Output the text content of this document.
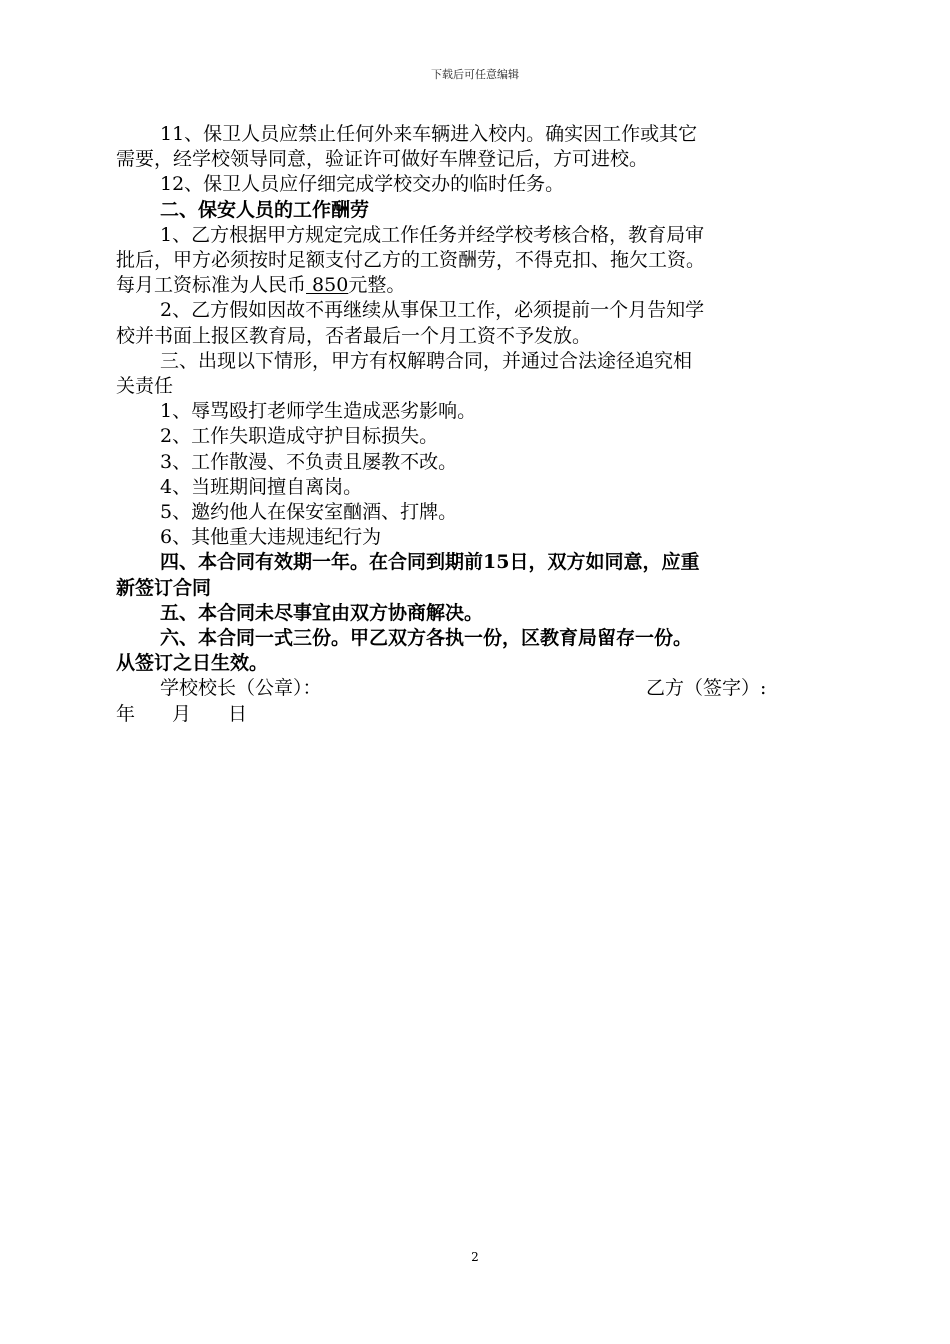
下载后可任意编辑

11、保卫人员应禁止任何外来车辆进入校内。确实因工作或其它

需要，经学校领导同意，验证许可做好车牌登记后，方可进校。

12、保卫人员应仔细完成学校交办的临时任务。

二、保安人员的工作酬劳

1、乙方根据甲方规定完成工作任务并经学校考核合格，教育局审

批后，甲方必须按时足额支付乙方的工资酬劳，不得克扣、拖欠工资。

每月工资标准为人民币 850元整。

2、乙方假如因故不再继续从事保卫工作，必须提前一个月告知学

校并书面上报区教育局，否者最后一个月工资不予发放。

三、出现以下情形，甲方有权解聘合同，并通过合法途径追究相

关责任

1、辱骂殴打老师学生造成恶劣影响。

2、工作失职造成守护目标损失。

3、工作散漫、不负责且屡教不改。

4、当班期间擅自离岗。

5、邀约他人在保安室酗酒、打牌。

6、其他重大违规违纪行为

四、本合同有效期一年。在合同到期前15日，双方如同意，应重

新签订合同

五、本合同未尽事宜由双方协商解决。

六、本合同一式三份。甲乙双方各执一份，区教育局留存一份。

从签订之日生效。

学校校长（公章）：	乙方（签字）:

年 月 日

2
